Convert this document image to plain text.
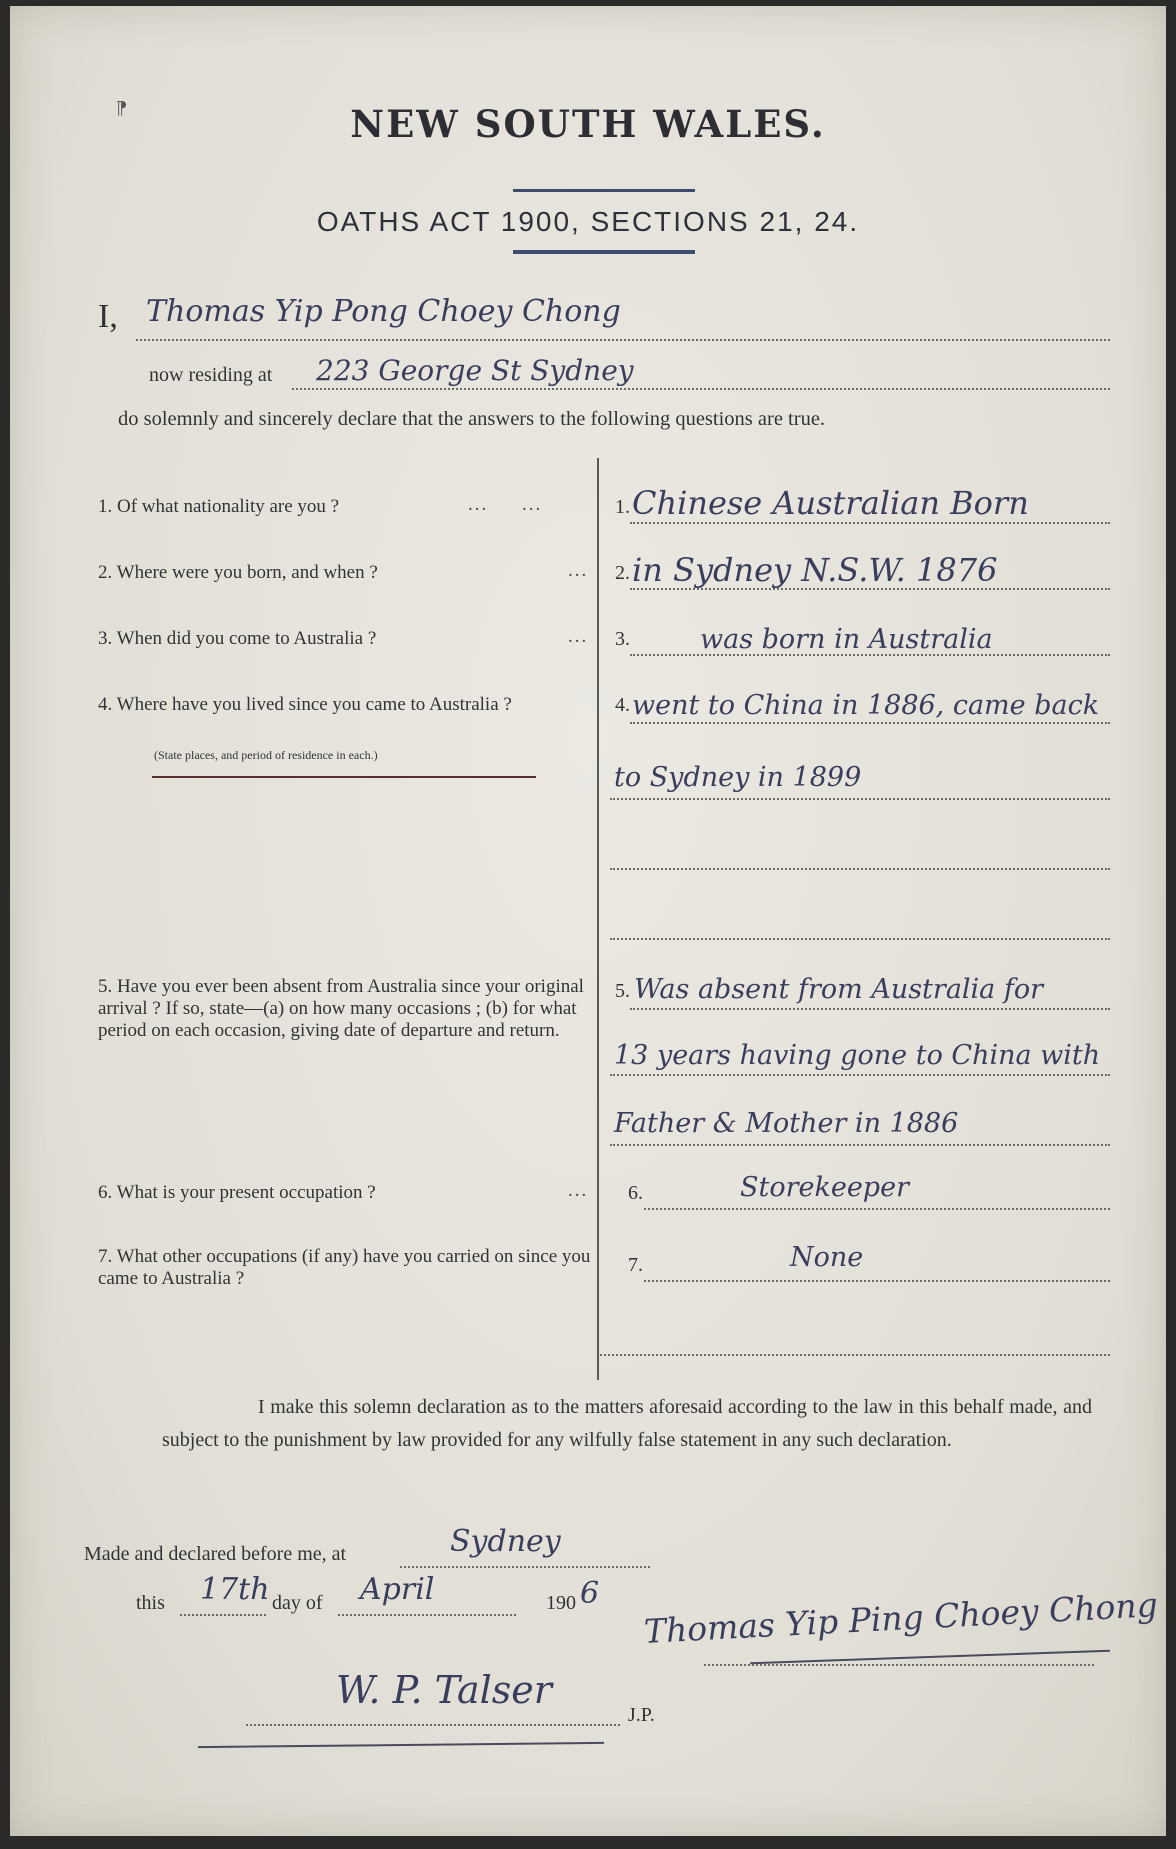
⁋	NEW SOUTH WALES.
OATHS ACT 1900, SECTIONS 21, 24.
I, Thomas Yip Pong Choey Chong
now residing at 223 George St Sydney
do solemnly and sincerely declare that the answers to the following questions are true.
1. Of what nationality are you ?	...     ...	1. Chinese Australian Born
2. Where were you born, and when ?	... 2. in Sydney N.S.W. 1876
3. When did you come to Australia ?	... 3.	was born in Australia
4. Where have you lived since you came to Australia ?
(State places, and period of residence in each.)
4. went to China in 1886, came back
to Sydney in 1899
5. Have you ever been absent from Australia since your original arrival ? If so, state—(a) on how many occasions ; (b) for what period on each occasion, giving date of departure and return.
5. Was absent from Australia for
13 years having gone to China with
Father & Mother in 1886
6. What is your present occupation ?	... 6.	Storekeeper
7. What other occupations (if any) have you carried on since you came to Australia ?
7.	None
I make this solemn declaration as to the matters aforesaid according to the law in this behalf made, and subject to the punishment by law provided for any wilfully false statement in any such declaration.
Made and declared before me, at	Sydney
this 17th day of April	190 6
W. P. Talser
J.P.
Thomas Yip Ping Choey Chong
